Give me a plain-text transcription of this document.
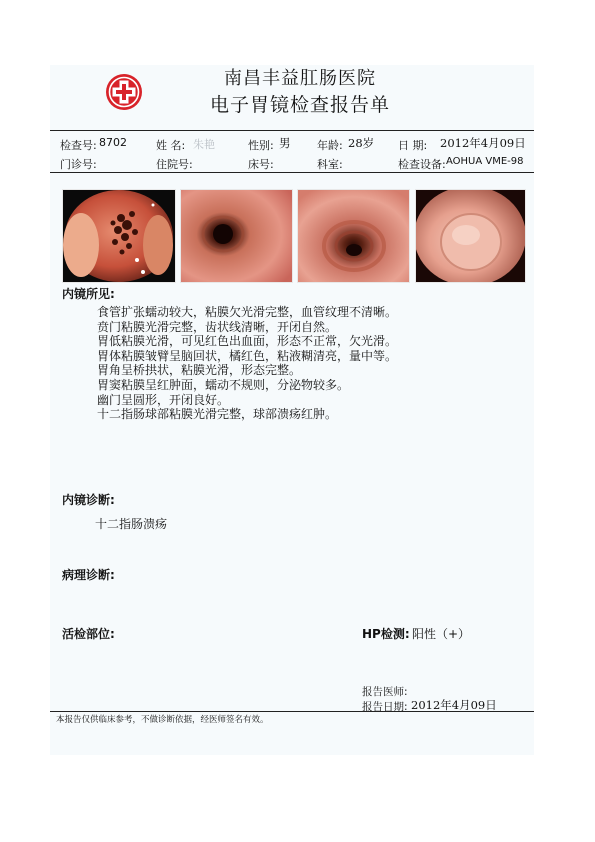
南昌丰益肛肠医院
电子胃镜检查报告单
检查号: 8702	姓 名: 朱艳	性别: 男 年龄: 28岁 日 期: 2012年4月09日
门诊号:	住院号:	床号:	科室:	检查设备: AOHUA VME-98
内镜所见:
食管扩张蠕动较大，粘膜欠光滑完整，血管纹理不清晰。
贲门粘膜光滑完整，齿状线清晰，开闭自然。
胃低粘膜光滑，可见红色出血面，形态不正常，欠光滑。
胃体粘膜皱臂呈脑回状，橘红色，粘液糊清亮，量中等。
胃角呈桥拱状，粘膜光滑，形态完整。
胃窦粘膜呈红肿面，蠕动不规则，分泌物较多。
幽门呈圆形，开闭良好。
十二指肠球部粘膜光滑完整，球部溃疡红肿。
内镜诊断:
十二指肠溃疡
病理诊断:
活检部位:	HP检测: 阳性（+）
报告医师:
报告日期: 2012年4月09日
本报告仅供临床参考，不做诊断依据，经医师签名有效。
